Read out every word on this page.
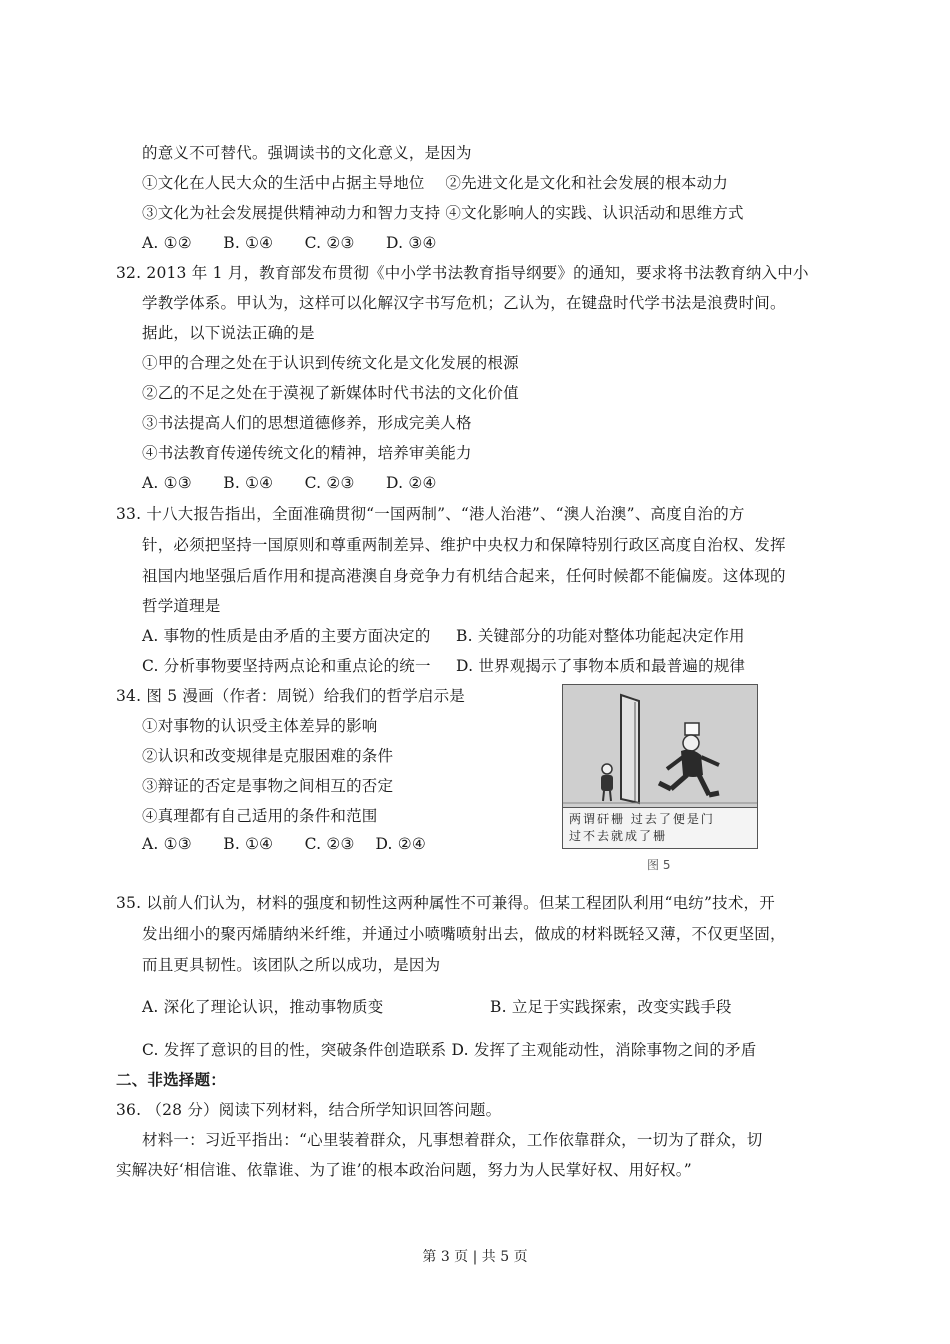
的意义不可替代。强调读书的文化意义，是因为
①文化在人民大众的生活中占据主导地位　 ②先进文化是文化和社会发展的根本动力
③文化为社会发展提供精神动力和智力支持 ④文化影响人的实践、认识活动和思维方式
A. ①②　　B. ①④　　C. ②③　　D. ③④
32. 2013 年 1 月，教育部发布贯彻《中小学书法教育指导纲要》的通知，要求将书法教育纳入中小
学教学体系。甲认为，这样可以化解汉字书写危机；乙认为，在键盘时代学书法是浪费时间。
据此，以下说法正确的是
①甲的合理之处在于认识到传统文化是文化发展的根源
②乙的不足之处在于漠视了新媒体时代书法的文化价值
③书法提高人们的思想道德修养，形成完美人格
④书法教育传递传统文化的精神，培养审美能力
A. ①③　　B. ①④　　C. ②③　　D. ②④
33. 十八大报告指出，全面准确贯彻“一国两制”、“港人治港”、“澳人治澳”、高度自治的方
针，必须把坚持一国原则和尊重两制差异、维护中央权力和保障特别行政区高度自治权、发挥
祖国内地坚强后盾作用和提高港澳自身竞争力有机结合起来，任何时候都不能偏废。这体现的
哲学道理是
A. 事物的性质是由矛盾的主要方面决定的 B. 关键部分的功能对整体功能起决定作用
C. 分析事物要坚持两点论和重点论的统一 D. 世界观揭示了事物本质和最普遍的规律
34. 图 5 漫画（作者：周锐）给我们的哲学启示是
①对事物的认识受主体差异的影响
②认识和改变规律是克服困难的条件
③辩证的否定是事物之间相互的否定
④真理都有自己适用的条件和范围
A. ①③　　B. ①④　　C. ②③　 D. ②④
两谓矸栅 过去了便是门
过不去就成了栅
图 5
35. 以前人们认为，材料的强度和韧性这两种属性不可兼得。但某工程团队利用“电纺”技术，开
发出细小的聚丙烯腈纳米纤维，并通过小喷嘴喷射出去，做成的材料既轻又薄，不仅更坚固，
而且更具韧性。该团队之所以成功，是因为
A. 深化了理论认识，推动事物质变	B. 立足于实践探索，改变实践手段
C. 发挥了意识的目的性，突破条件创造联系 D. 发挥了主观能动性，消除事物之间的矛盾
二、非选择题：
36. （28 分）阅读下列材料，结合所学知识回答问题。
材料一：习近平指出：“心里装着群众，凡事想着群众，工作依靠群众，一切为了群众，切
实解决好‘相信谁、依靠谁、为了谁’的根本政治问题，努力为人民掌好权、用好权。”
第 3 页 | 共 5 页
